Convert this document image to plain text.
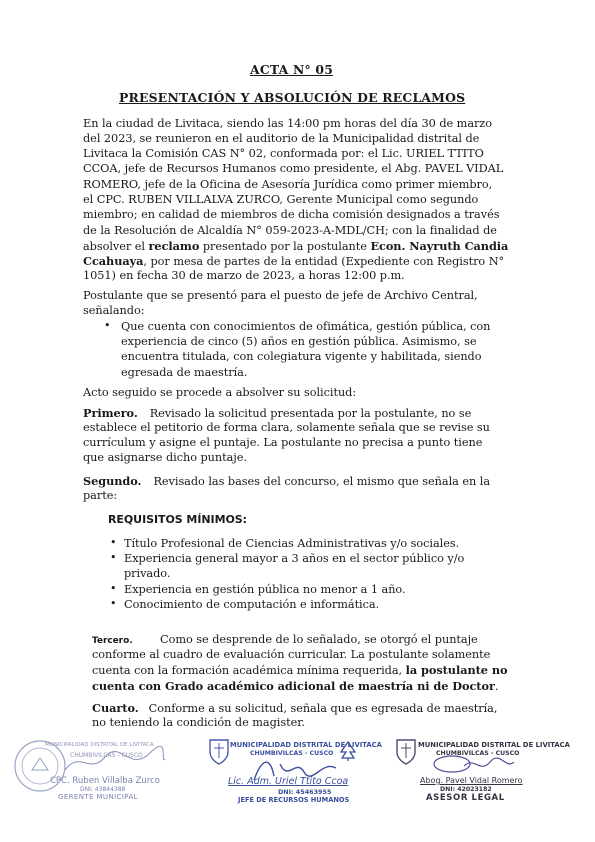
ACTA N° 05
PRESENTACIÓN Y ABSOLUCIÓN DE RECLAMOS
En la ciudad de Livitaca, siendo las 14:00 pm horas del día 30 de marzo
del 2023, se reunieron en el auditorio de la Municipalidad distrital de
Livitaca la Comisión CAS N° 02, conformada por: el Lic. URIEL TTITO
CCOA, jefe de Recursos Humanos como presidente, el Abg. PAVEL VIDAL
ROMERO, jefe de la Oficina de Asesoría Jurídica como primer miembro,
el CPC. RUBEN VILLALVA ZURCO, Gerente Municipal como segundo
miembro; en calidad de miembros de dicha comisión designados a través
de la Resolución de Alcaldía N° 059-2023-A-MDL/CH; con la finalidad de
absolver el reclamo presentado por la postulante Econ. Nayruth Candia
Ccahuaya, por mesa de partes de la entidad (Expediente con Registro N°
1051) en fecha 30 de marzo de 2023, a horas 12:00 p.m.
Postulante que se presentó para el puesto de jefe de Archivo Central,
señalando:
• Que cuenta con conocimientos de ofimática, gestión pública, con
experiencia de cinco (5) años en gestión pública. Asimismo, se
encuentra titulada, con colegiatura vigente y habilitada, siendo
egresada de maestría.
Acto seguido se procede a absolver su solicitud:
Primero. Revisado la solicitud presentada por la postulante, no se
establece el petitorio de forma clara, solamente señala que se revise su
currículum y asigne el puntaje. La postulante no precisa a punto tiene
que asignarse dicho puntaje.
Segundo. Revisado las bases del concurso, el mismo que señala en la
parte:
REQUISITOS MÍNIMOS:
• Título Profesional de Ciencias Administrativas y/o sociales.
• Experiencia general mayor a 3 años en el sector público y/o
privado.
• Experiencia en gestión pública no menor a 1 año.
• Conocimiento de computación e informática.
Tercero. Como se desprende de lo señalado, se otorgó el puntaje
conforme al cuadro de evaluación curricular. La postulante solamente
cuenta con la formación académica mínima requerida, la postulante no
cuenta con Grado académico adicional de maestría ni de Doctor.
Cuarto. Conforme a su solicitud, señala que es egresada de maestría,
no teniendo la condición de magister.
CHUMBIVILCAS - CUSCO
MUNICIPALIDAD DISTRITAL DE LIVITACA
CPC. Ruben Villalba Zurco
DNI: 43844388
GERENTE MUNICIPAL
MUNICIPALIDAD DISTRITAL DE LIVITACA
CHUMBIVILCAS - CUSCO
Lic. Adm. Uriel Ttito Ccoa
DNI: 45463955
JEFE DE RECURSOS HUMANOS
MUNICIPALIDAD DISTRITAL DE LIVITACA
CHUMBIVILCAS - CUSCO
Abog. Pavel Vidal Romero
DNI: 42023182
ASESOR LEGAL
